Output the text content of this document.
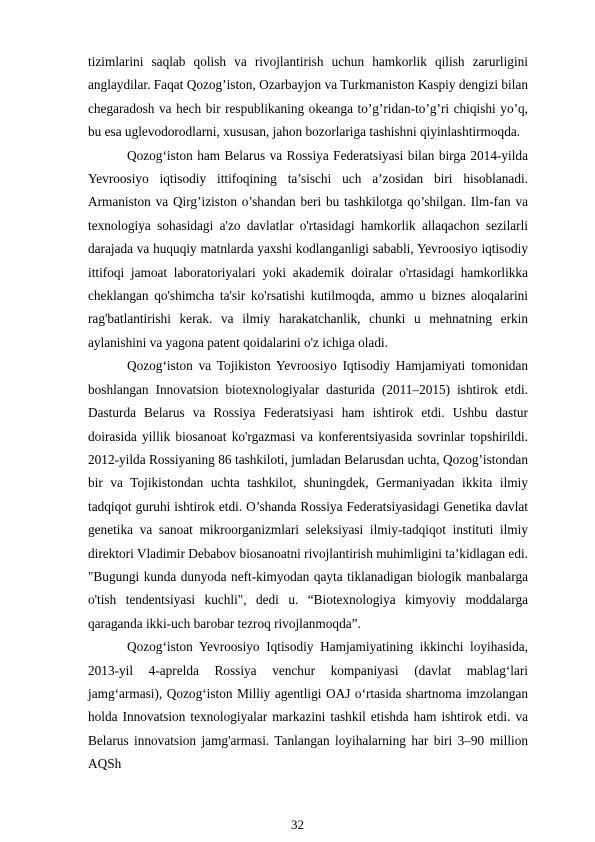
tizimlarini saqlab qolish va rivojlantirish uchun hamkorlik qilish zarurligini anglaydilar. Faqat Qozog’iston, Ozarbayjon va Turkmaniston Kaspiy dengizi bilan chegaradosh va hech bir respublikaning okeanga to’g’ridan-to’g’ri chiqishi yo’q, bu esa uglevodorodlarni, xususan, jahon bozorlariga tashishni qiyinlashtirmoqda.

Qozog‘iston ham Belarus va Rossiya Federatsiyasi bilan birga 2014-yilda Yevroosiyo iqtisodiy ittifoqining ta’sischi uch a’zosidan biri hisoblanadi. Armaniston va Qirg’iziston o’shandan beri bu tashkilotga qo’shilgan. Ilm-fan va texnologiya sohasidagi a'zo davlatlar o'rtasidagi hamkorlik allaqachon sezilarli darajada va huquqiy matnlarda yaxshi kodlanganligi sababli, Yevroosiyo iqtisodiy ittifoqi jamoat laboratoriyalari yoki akademik doiralar o'rtasidagi hamkorlikka cheklangan qo'shimcha ta'sir ko'rsatishi kutilmoqda, ammo u biznes aloqalarini rag'batlantirishi kerak. va ilmiy harakatchanlik, chunki u mehnatning erkin aylanishini va yagona patent qoidalarini o'z ichiga oladi.

Qozog‘iston va Tojikiston Yevroosiyo Iqtisodiy Hamjamiyati tomonidan boshlangan Innovatsion biotexnologiyalar dasturida (2011–2015) ishtirok etdi. Dasturda Belarus va Rossiya Federatsiyasi ham ishtirok etdi. Ushbu dastur doirasida yillik biosanoat ko'rgazmasi va konferentsiyasida sovrinlar topshirildi. 2012-yilda Rossiyaning 86 tashkiloti, jumladan Belarusdan uchta, Qozog’istondan bir va Tojikistondan uchta tashkilot, shuningdek, Germaniyadan ikkita ilmiy tadqiqot guruhi ishtirok etdi. O’shanda Rossiya Federatsiyasidagi Genetika davlat genetika va sanoat mikroorganizmlari seleksiyasi ilmiy-tadqiqot instituti ilmiy direktori Vladimir Debabov biosanoatni rivojlantirish muhimligini ta’kidlagan edi. "Bugungi kunda dunyoda neft-kimyodan qayta tiklanadigan biologik manbalarga o'tish tendentsiyasi kuchli", dedi u. “Biotexnologiya kimyoviy moddalarga qaraganda ikki-uch barobar tezroq rivojlanmoqda”.

Qozog‘iston Yevroosiyo Iqtisodiy Hamjamiyatining ikkinchi loyihasida, 2013-yil 4-aprelda Rossiya venchur kompaniyasi (davlat mablag‘lari jamg‘armasi), Qozog‘iston Milliy agentligi OAJ o‘rtasida shartnoma imzolangan holda Innovatsion texnologiyalar markazini tashkil etishda ham ishtirok etdi. va Belarus innovatsion jamg'armasi. Tanlangan loyihalarning har biri 3–90 million AQSh

32
